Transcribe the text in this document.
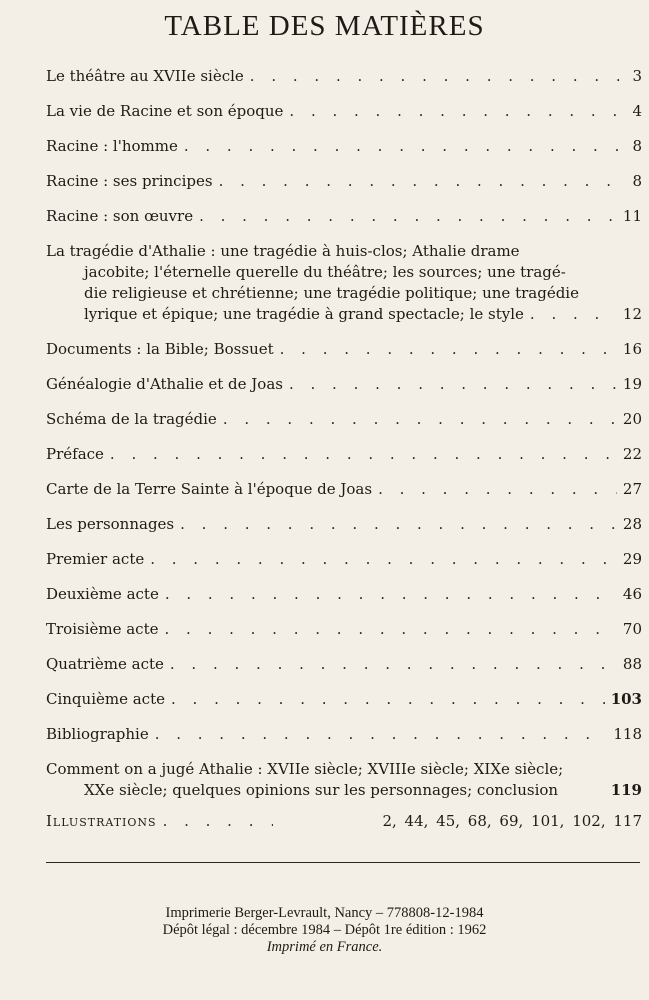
TABLE DES MATIÈRES
Le théâtre au XVIIe siècle . . .	3
La vie de Racine et son époque . . .	4
Racine : l'homme . . .	8
Racine : ses principes . . .	8
Racine : son œuvre . . .	11
La tragédie d'Athalie : une tragédie à huis-clos; Athalie drame
jacobite; l'éternelle querelle du théâtre; les sources; une tragé-
die religieuse et chrétienne; une tragédie politique; une tragédie
lyrique et épique; une tragédie à grand spectacle; le style . . .	12
Documents : la Bible; Bossuet . . .	16
Généalogie d'Athalie et de Joas . . .	19
Schéma de la tragédie . . .	20
Préface . . .	22
Carte de la Terre Sainte à l'époque de Joas . . .	27
Les personnages . . .	28
Premier acte . . .	29
Deuxième acte . . .	46
Troisième acte . . .	70
Quatrième acte . . .	88
Cinquième acte . . .	103
Bibliographie . . .	118
Comment on a jugé Athalie : XVIIe siècle; XVIIIe siècle; XIXe siècle;
XXe siècle; quelques opinions sur les personnages; conclusion	119
Illustrations . . .	2, 44, 45, 68, 69, 101, 102, 117
Imprimerie Berger-Levrault, Nancy – 778808-12-1984
Dépôt légal : décembre 1984 – Dépôt 1re édition : 1962
Imprimé en France.
